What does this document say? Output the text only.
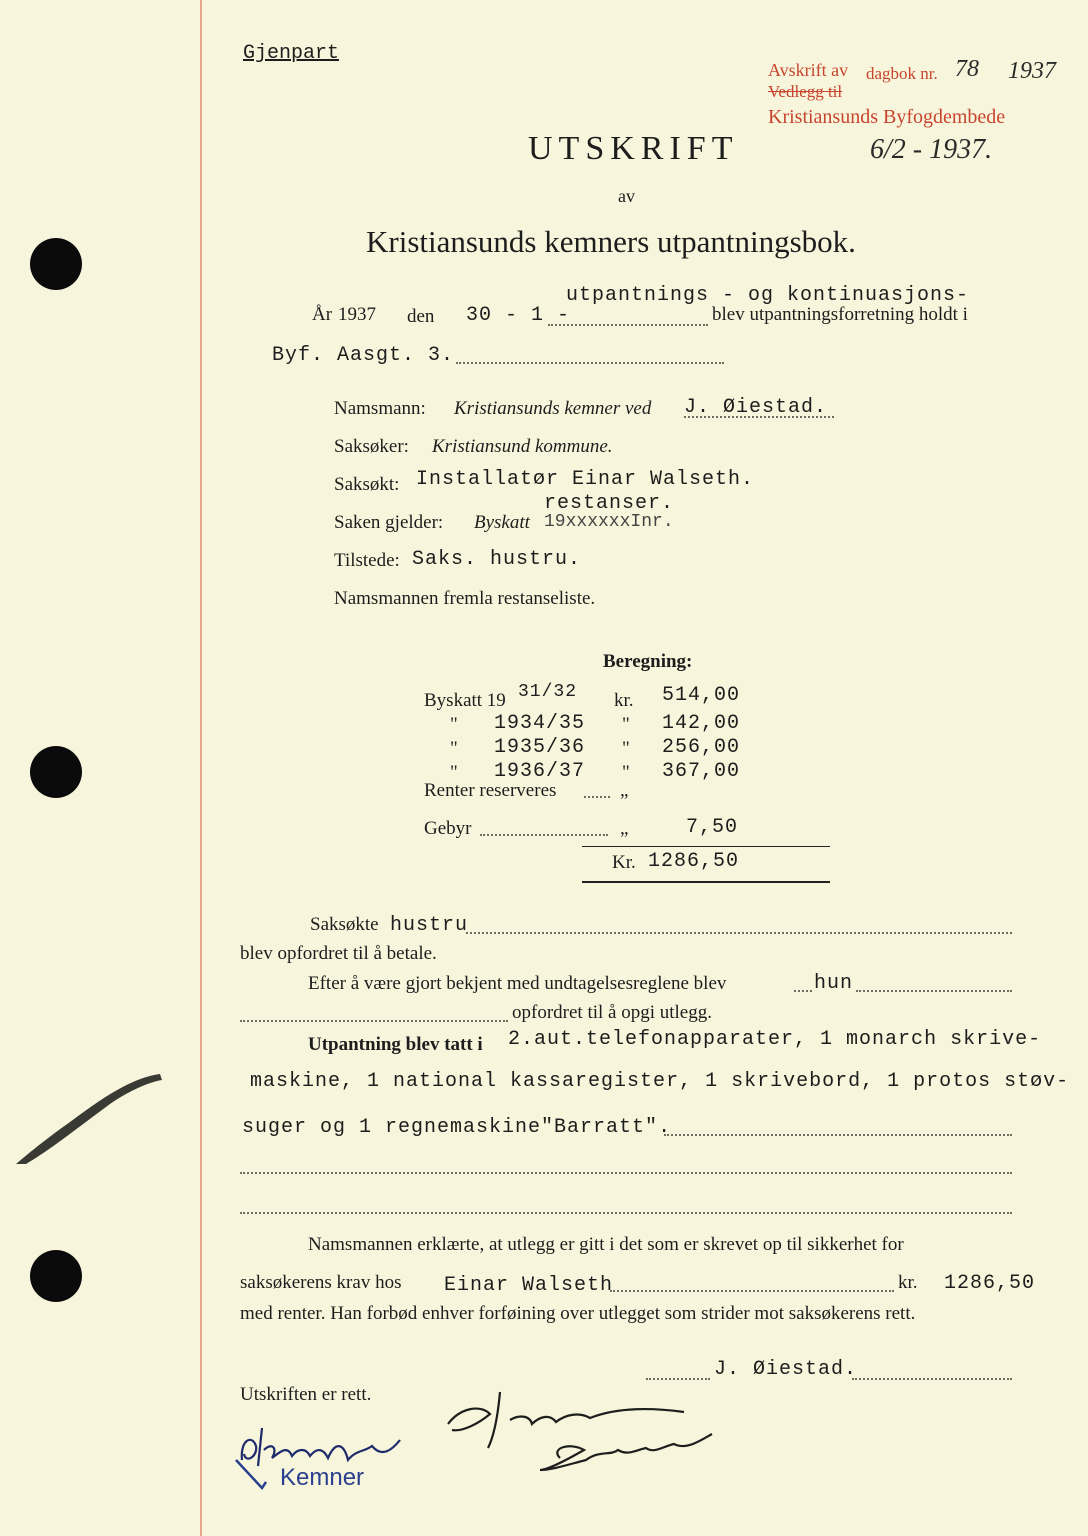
Gjenpart
Avskrift av dagbok nr. 78 1937
Vedlegg til
Kristiansunds Byfogdembede
6/2 - 1937.
UTSKRIFT
av
Kristiansunds kemners utpantningsbok.
utpantnings - og kontinuasjons-
År 1937 den 30 - 1 -	blev utpantningsforretning holdt i
Byf. Aasgt. 3.
Namsmann: Kristiansunds kemner ved J. Øiestad.
Saksøker: Kristiansund kommune.
Saksøkt: Installatør Einar Walseth.
restanser.
Saken gjelder: Byskatt 19xxxxxxInr.
Tilstede: Saks. hustru.
Namsmannen fremla restanseliste.
Beregning:
Byskatt 19 31/32 kr. 514,00
" 1934/35 " 142,00
" 1935/36 " 256,00
" 1936/37 " 367,00
Renter reserveres	„
Gebyr	„	7,50
Kr. 1286,50
Saksøkte hustru
blev opfordret til å betale.
Efter å være gjort bekjent med undtagelsesreglene blev	hun
opfordret til å opgi utlegg.
Utpantning blev tatt i 2.aut.telefonapparater, 1 monarch skrive-
maskine, 1 national kassaregister, 1 skrivebord, 1 protos støv-
suger og 1 regnemaskine"Barratt".
Namsmannen erklærte, at utlegg er gitt i det som er skrevet op til sikkerhet for
saksøkerens krav hos Einar Walseth	kr. 1286,50
med renter. Han forbød enhver forføining over utlegget som strider mot saksøkerens rett.
J. Øiestad.
Utskriften er rett.
Kemner
